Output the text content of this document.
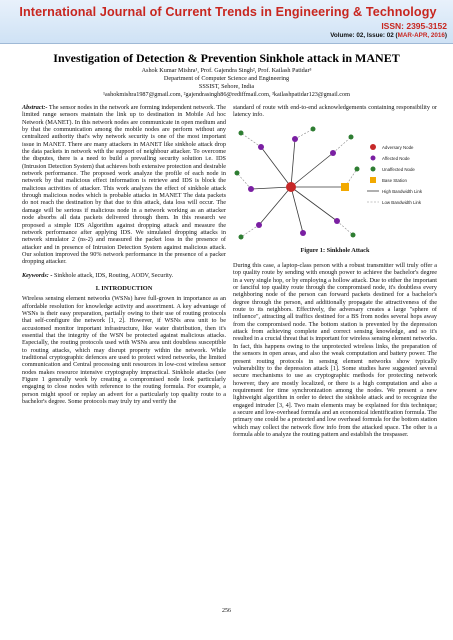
International Journal of Current Trends in Engineering & Technology
ISSN: 2395-3152
Volume: 02, Issue: 02 (MAR-APR, 2016)
Investigation of Detection & Prevention Sinkhole attack in MANET
Ashok Kumar Mishra¹, Prof. Gajendra Singh², Prof. Kailash Patidar³
Department of Computer Science and Engineering
SSSIST, Sehore, India
¹ashokmishra1987@gmail.com, ²gajendrasingh86@rediffmail.com, ³kailashpatidar123@gmail.com

Abstract:- The sensor nodes in the network are forming independent network. The limited range sensors maintain the link up to destination in Mobile Ad hoc Network (MANET). In this network nodes are communicate in open medium and by that the communication among the mobile nodes are perform without any centralized authority that's why network security is one of the most important issue in MANET. There are many attackers in MANET like sinkhole attack drop the data packets in network with the support of neighbour attacker. To overcome the disputes, there is a need to build a prevailing security solution i.e. IDS (Intrusion Detection System) that achieves both extensive protection and desirable network performance. The proposed work analyze the profile of each node in network by that malicious effect information is retrieve and IDS is block the malicious activities of attacker. This work analyzes the effect of sinkhole attack through malicious nodes which is probable attacks in MANET The data packets do not reach the destination by that due to this attack, data loss will occur. The damage will be serious if malicious node in a network working as an attacker node absorbs all data packets delivered through them. In this research we proposed a simple IDS Algorithm against dropping attack and measure the network performance after applying IDS. We simulated dropping attacks in network simulator 2 (ns-2) and measured the packet loss in the presence of attacker and in presence of Intrusion Detection System against malicious attack. Our solution improved the 90% network performance in the presence of a packer dropping attacker.

Keywords: - Sinkhole attack, IDS, Routing, AODV, Security.

I. INTRODUCTION

Wireless sensing element networks (WSNs) have full-grown in importance as an affordable resolution for knowledge activity and assortment. A key advantage of WSNs is their easy preparation, partially owing to their use of routing protocols that self-configure the network [1, 2]. However, if WSNs area unit to be accustomed monitor important infrastructure, like water distribution, then it's essential that the integrity of the WSN be protected against malicious attacks. Especially, the routing protocols used with WSNs area unit doubtless susceptible to routing attacks, which may disrupt property within the network. While traditional cryptographic defences are used to protect wired networks, the limited communication and Central processing unit resources in low-cost wireless sensor nodes makes resource intensive cryptography impractical. Sinkhole attacks (see Figure 1 generally work by creating a compromised node look particularly engaging to close nodes with reference to the routing formula. For example, a person might spoof or replay an advert for a particularly top quality route to a bachelor's degree. Some protocols may truly try and verify the

standard of route with end-to-end acknowledgements containing responsibility or latency info.

Adversary Node
Affected Node
Unaffected Node
Base Station
High Bandwidth Link
Low Bandwidth Link
Figure 1: Sinkhole Attack

During this case, a laptop-class person with a robust transmitter will truly offer a top quality route by sending with enough power to achieve the bachelor's degree in a very single hop, or by employing a hollow attack. Due to either the important or fanciful top quality route through the compromised node, it's doubtless every neighboring node of the person can forward packets destined for a bachelor's degree through the person, and additionally propagate the attractiveness of the route to its neighbors. Effectively, the adversary creates a large "sphere of influence", attracting all traffics destined for a BS from nodes several hops away from the compromised node. The bottom station is prevented by the depression attack from achieving complete and correct sensing knowledge, and so it's resulted in a crucial threat that is important for wireless sensing element networks. In fact, this happens owing to the unprotected wireless links, the preparation of the sensors in open areas, and also the weak computation and battery power. The present routing protocols in sensing element networks show typically vulnerability to the depression attack [1]. Some studies have suggested several secure mechanisms to use as cryptographic methods for protecting network however, they are mostly localized, or there is a high computation and also a requirement for time synchronization among the nodes. We present a new lightweight algorithm in order to detect the sinkhole attack and to recognize the engaged intruder [3, 4]. Two main elements may be explained for this technique; a secure and low-overhead formula and an economical identification formula. The primary one could be a protected and low overhead formula for the bottom station which may collect the network flow info from the attacked space. The other is a formula able to analyze the routing pattern and establish the trespasser.

256
